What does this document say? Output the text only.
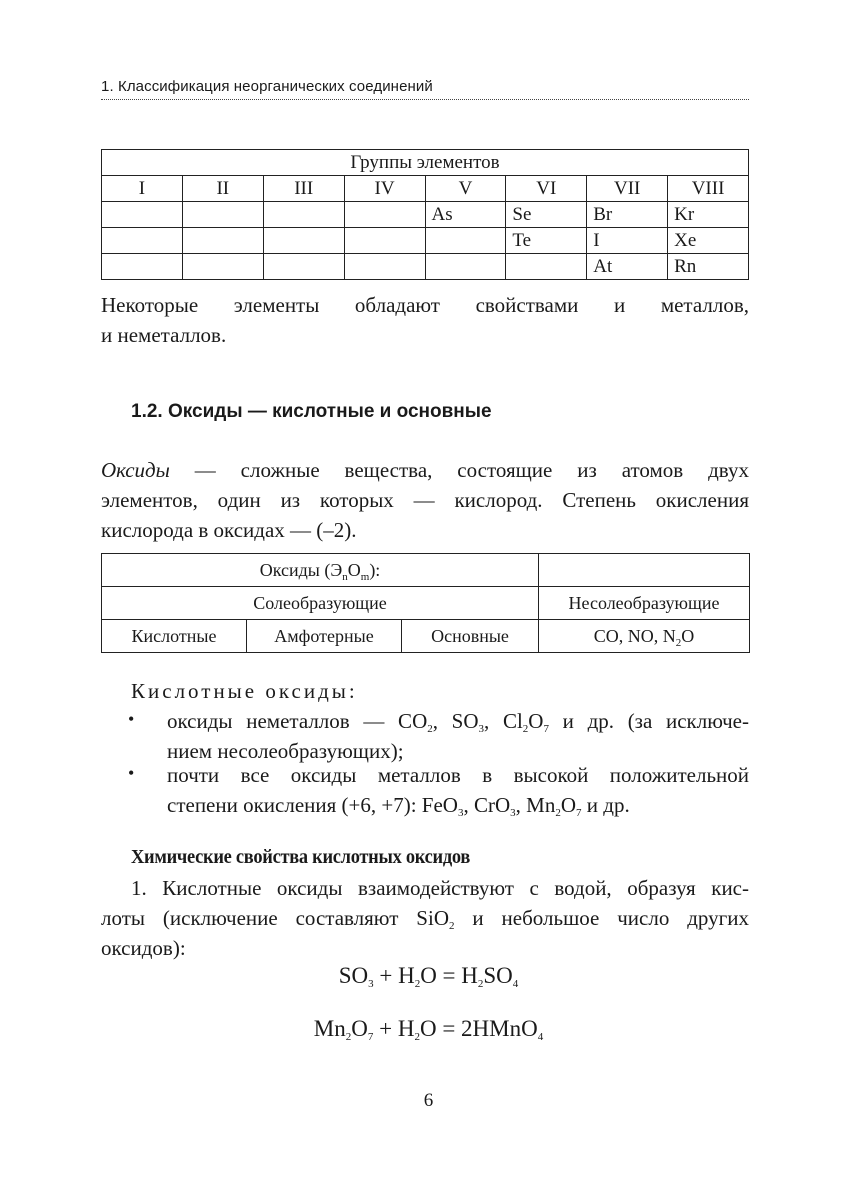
1. Классификация неорганических соединений
Группы элементов							
I	II	III	IV	V	VI	VII	VIII
				As	Se	Br	Kr
					Te	I	Xe
						At	Rn
Некоторые элементы обладают свойствами и металлов,
и неметаллов.
1.2. Оксиды — кислотные и основные
Оксиды — сложные вещества, состоящие из атомов двух
элементов, один из которых — кислород. Степень окисления
кислорода в оксидах — (–2).
Оксиды $(Э_nO_m)$:			
Солеобразующие			Несолеобразующие
Кислотные	Амфотерные	Основные	CO, NO, $N_2O$
Кислотные оксиды:
• оксиды неметаллов — $CO_2$, $SO_3$, $Cl_2O_7$ и др. (за исключе-
нием несолеобразующих);
• почти все оксиды металлов в высокой положительной
степени окисления (+6, +7): FeO$_3$, CrO$_3$, $Mn_2O_7$ и др.
Химические свойства кислотных оксидов
1. Кислотные оксиды взаимодействуют с водой, образуя кис-
лоты (исключение составляют SiO$_2$ и небольшое число других
оксидов):
$SO_3 + H_2O = H_2SO_4$
$Mn_2O_7 + H_2O$ = 2HMnO$_4$
6
